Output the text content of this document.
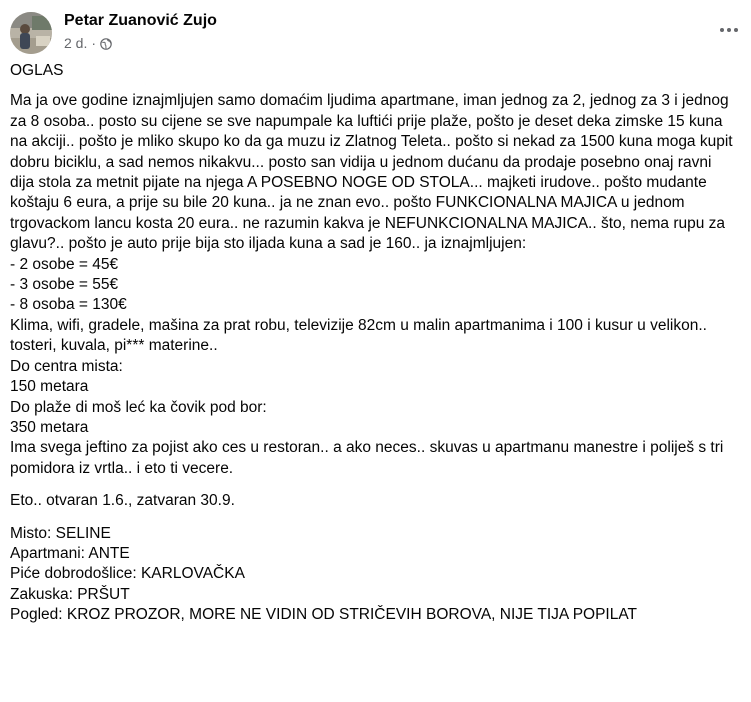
Petar Zuanović Zujo
2 d. ·

OGLAS

Ma ja ove godine iznajmljujen samo domaćim ljudima apartmane, iman jednog za 2, jednog za 3 i jednog za 8 osoba.. posto su cijene se sve napumpale ka luftići prije plaže, pošto je deset deka zimske 15 kuna na akciji.. pošto je mliko skupo ko da ga muzu iz Zlatnog Teleta.. pošto si nekad za 1500 kuna moga kupit dobru biciklu, a sad nemos nikakvu... posto san vidija u jednom dućanu da prodaje posebno onaj ravni dija stola za metnit pijate na njega A POSEBNO NOGE OD STOLA... majketi irudove.. pošto mudante koštaju 6 eura, a prije su bile 20 kuna.. ja ne znan evo.. pošto FUNKCIONALNA MAJICA u jednom trgovackom lancu kosta 20 eura.. ne razumin kakva je NEFUNKCIONALNA MAJICA.. što, nema rupu za glavu?.. pošto je auto prije bija sto iljada kuna a sad je 160.. ja iznajmljujen:

- 2 osobe = 45€
- 3 osobe = 55€
- 8 osoba = 130€

Klima, wifi, gradele, mašina za prat robu, televizije 82cm u malin apartmanima i 100 i kusur u velikon.. tosteri, kuvala, pi*** materine..

Do centra mista:
150 metara
Do plaže di moš leć ka čovik pod bor:
350 metara

Ima svega jeftino za pojist ako ces u restoran.. a ako neces.. skuvas u apartmanu manestre i poliješ s tri pomidora iz vrtla.. i eto ti vecere.

Eto.. otvaran 1.6., zatvaran 30.9.

Misto: SELINE
Apartmani: ANTE
Piće dobrodošlice: KARLOVAČKA
Zakuska: PRŠUT
Pogled: KROZ PROZOR, MORE NE VIDIN OD STRIČEVIH BOROVA, NIJE TIJA POPILAT
